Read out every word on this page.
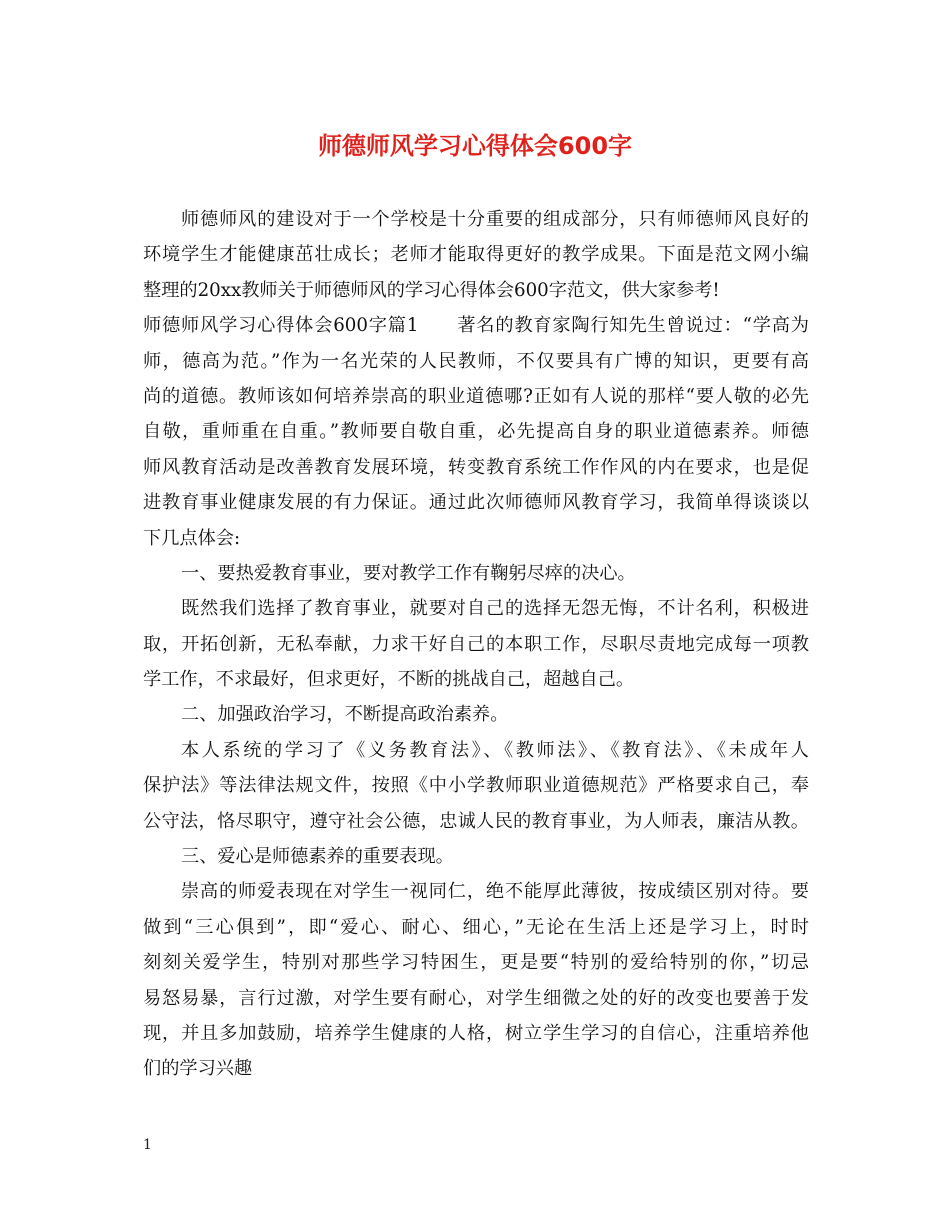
师德师风学习心得体会600字
师德师风的建设对于一个学校是十分重要的组成部分，只有师德师风良好的
环境学生才能健康茁壮成长；老师才能取得更好的教学成果。下面是范文网小编
整理的20xx教师关于师德师风的学习心得体会600字范文，供大家参考!
师德师风学习心得体会600字篇1　　著名的教育家陶行知先生曾说过：“学高为
师，德高为范。”作为一名光荣的人民教师，不仅要具有广博的知识，更要有高
尚的道德。教师该如何培养崇高的职业道德哪?正如有人说的那样“要人敬的必先
自敬，重师重在自重。”教师要自敬自重，必先提高自身的职业道德素养。师德
师风教育活动是改善教育发展环境，转变教育系统工作作风的内在要求，也是促
进教育事业健康发展的有力保证。通过此次师德师风教育学习，我简单得谈谈以
下几点体会:
一、要热爱教育事业，要对教学工作有鞠躬尽瘁的决心。
既然我们选择了教育事业，就要对自己的选择无怨无悔，不计名利，积极进
取，开拓创新，无私奉献，力求干好自己的本职工作，尽职尽责地完成每一项教
学工作，不求最好，但求更好，不断的挑战自己，超越自己。
二、加强政治学习，不断提高政治素养。
本人系统的学习了《义务教育法》、《教师法》、《教育法》、《未成年人
保护法》等法律法规文件，按照《中小学教师职业道德规范》严格要求自己，奉
公守法，恪尽职守，遵守社会公德，忠诚人民的教育事业，为人师表，廉洁从教。
三、爱心是师德素养的重要表现。
崇高的师爱表现在对学生一视同仁，绝不能厚此薄彼，按成绩区别对待。要
做到“三心俱到”，即“爱心、耐心、细心，”无论在生活上还是学习上，时时
刻刻关爱学生，特别对那些学习特困生，更是要“特别的爱给特别的你，”切忌
易怒易暴，言行过激，对学生要有耐心，对学生细微之处的好的改变也要善于发
现，并且多加鼓励，培养学生健康的人格，树立学生学习的自信心，注重培养他
们的学习兴趣
1
